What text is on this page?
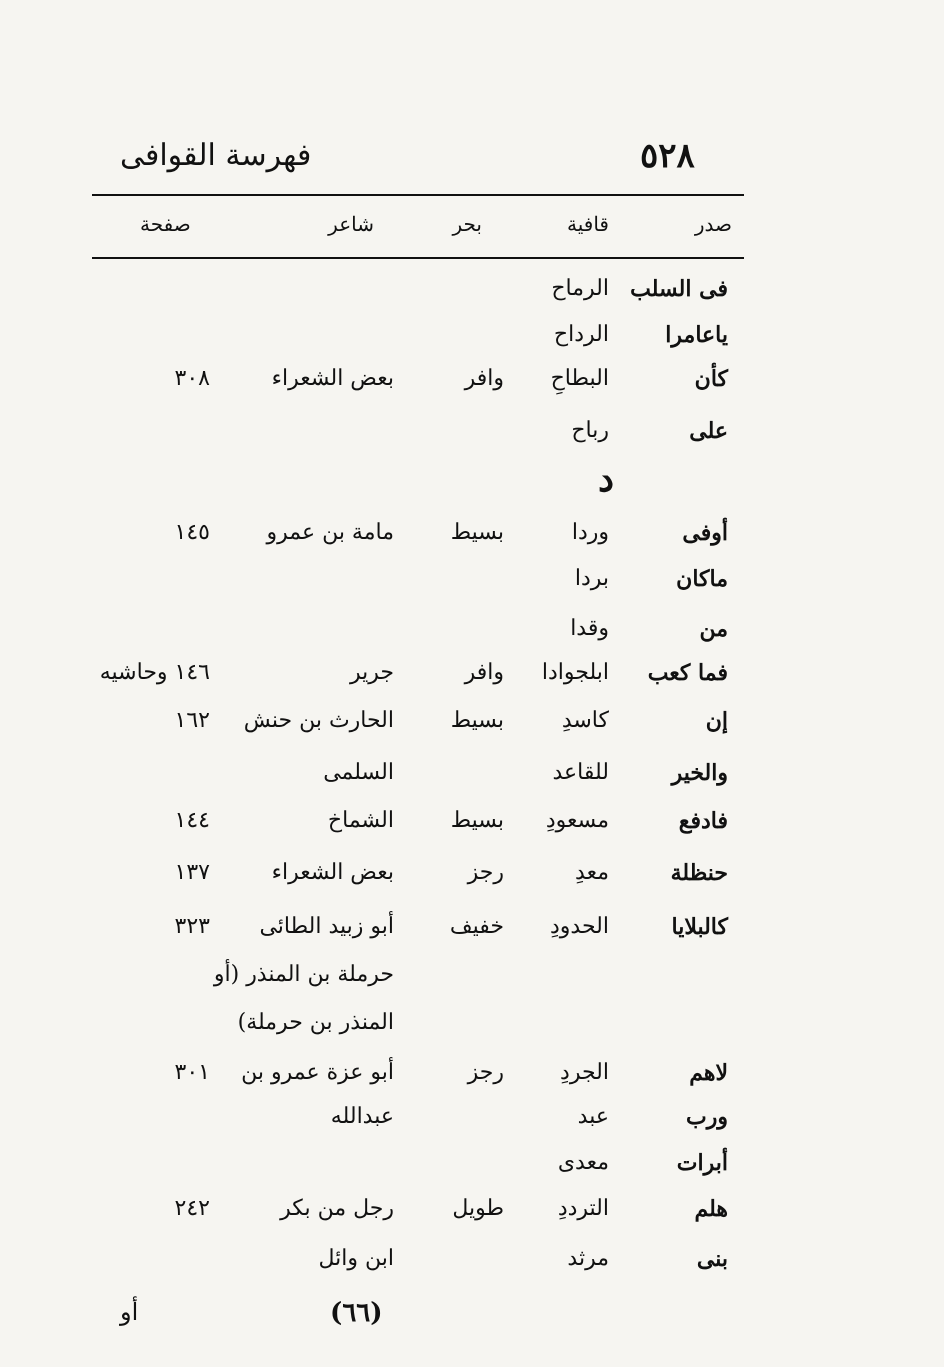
فهرسة القوافى	٥٢٨
صدر
قافية
بحر
شاعر
صفحة
فى السلب
الرماح
ياعامرا
الرداح
كأن
البطاحِ
وافر
بعض الشعراء
٣٠٨
على
رباح
أوفى
وردا
بسيط
مامة بن عمرو
١٤٥
ماكان
بردا
من
وقدا
فما كعب
ابلجوادا
وافر
جرير
١٤٦ وحاشيه
إن
كاسدِ
بسيط
الحارث بن حنش
١٦٢
والخير
للقاعد
السلمى
فادفع
مسعودِ
بسيط
الشماخ
١٤٤
حنظلة
معدِ
رجز
بعض الشعراء
١٣٧
كالبلايا
الحدودِ
خفيف
أبو زبيد الطائى
٣٢٣
حرملة بن المنذر (أو
المنذر بن حرملة)
لاهم
الجردِ
رجز
أبو عزة عمرو بن
٣٠١
ورب
عبد
عبدالله
أبرات
معدى
هلم
الترددِ
طويل
رجل من بكر
٢٤٢
بنى
مرثد
ابن وائل
د
(٦٦)
أو
